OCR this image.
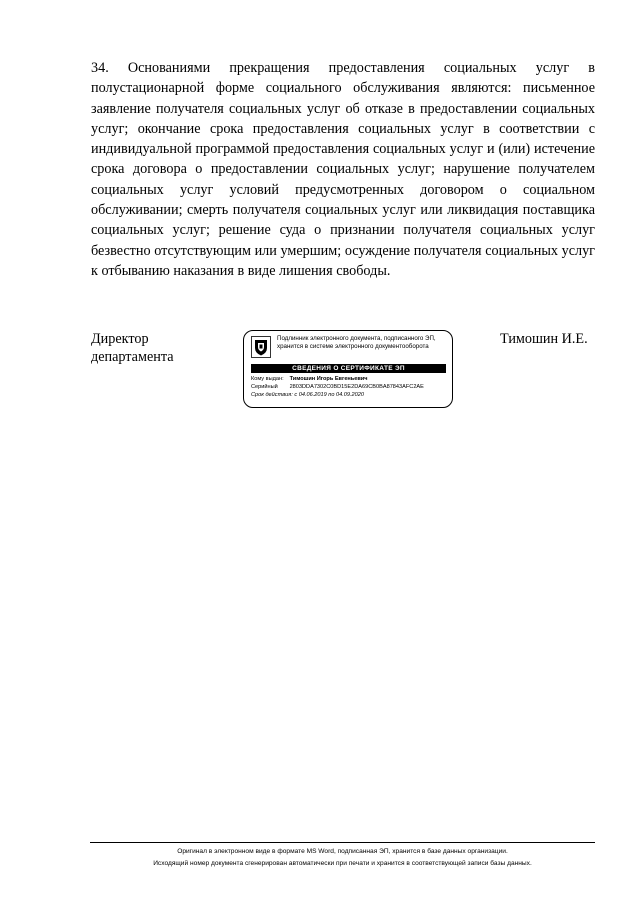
34. Основаниями прекращения предоставления социальных услуг в полустационарной форме социального обслуживания являются: письменное заявление получателя социальных услуг об отказе в предоставлении социальных услуг; окончание срока предоставления социальных услуг в соответствии с индивидуальной программой предоставления социальных услуг и (или) истечение срока договора о предоставлении социальных услуг; нарушение получателем социальных услуг условий предусмотренных договором о социальном обслуживании; смерть получателя социальных услуг или ликвидация поставщика социальных услуг; решение суда о признании получателя социальных услуг безвестно отсутствующим или умершим; осуждение получателя социальных услуг к отбыванию наказания в виде лишения свободы.

Директор
департамента
Подлинник электронного документа, подписанного ЭП,
хранится в системе электронного документооборота
СВЕДЕНИЯ О СЕРТИФИКАТЕ ЭП
Кому выдан: Тимошин Игорь Евгеньевич
Серийный 2803DDA7302C0BD15E2DA69CB0BA87843AFC2AE
Срок действия: с 04.06.2019 по 04.09.2020
Тимошин И.Е.
Оригинал в электронном виде в формате MS Word, подписанная ЭП, хранится в базе данных организации.
Исходящий номер документа сгенерирован автоматически при печати и хранится в соответствующей записи базы данных.
